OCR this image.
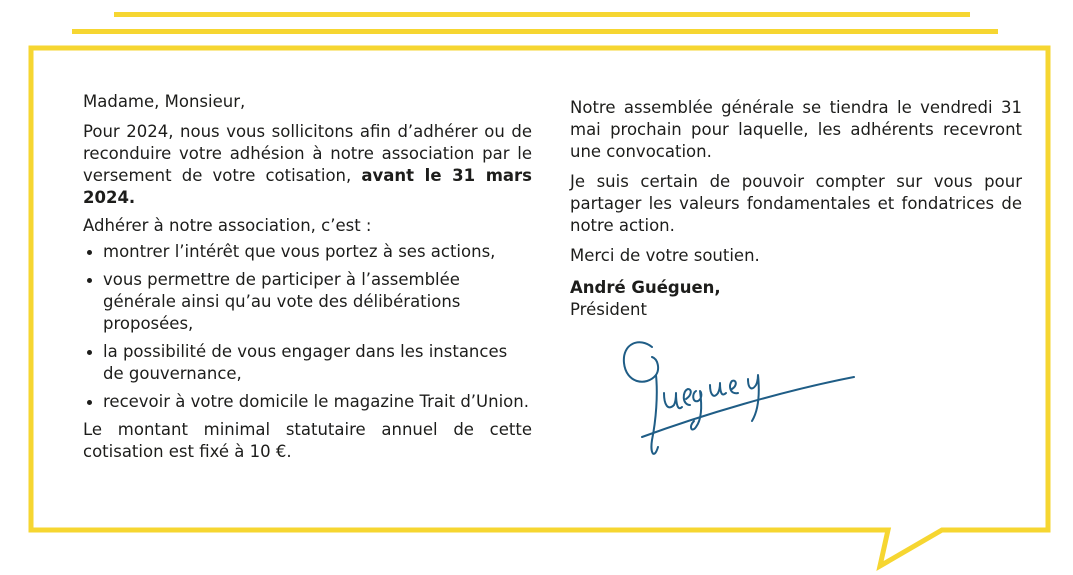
Madame, Monsieur,

Pour 2024, nous vous sollicitons afin d’adhérer ou de reconduire votre adhésion à notre association par le versement de votre cotisation, avant le 31 mars 2024.

Adhérer à notre association, c’est :

montrer l’intérêt que vous portez à ses actions,
vous permettre de participer à l’assemblée générale ainsi qu’au vote des délibérations proposées,
la possibilité de vous engager dans les instances de gouvernance,
recevoir à votre domicile le magazine Trait d’Union.

Le montant minimal statutaire annuel de cette cotisation est fixé à 10 €.

Notre assemblée générale se tiendra le vendredi 31 mai prochain pour laquelle, les adhérents recevront une convocation.

Je suis certain de pouvoir compter sur vous pour partager les valeurs fondamentales et fondatrices de notre action.

Merci de votre soutien.

André Guéguen,

Président
